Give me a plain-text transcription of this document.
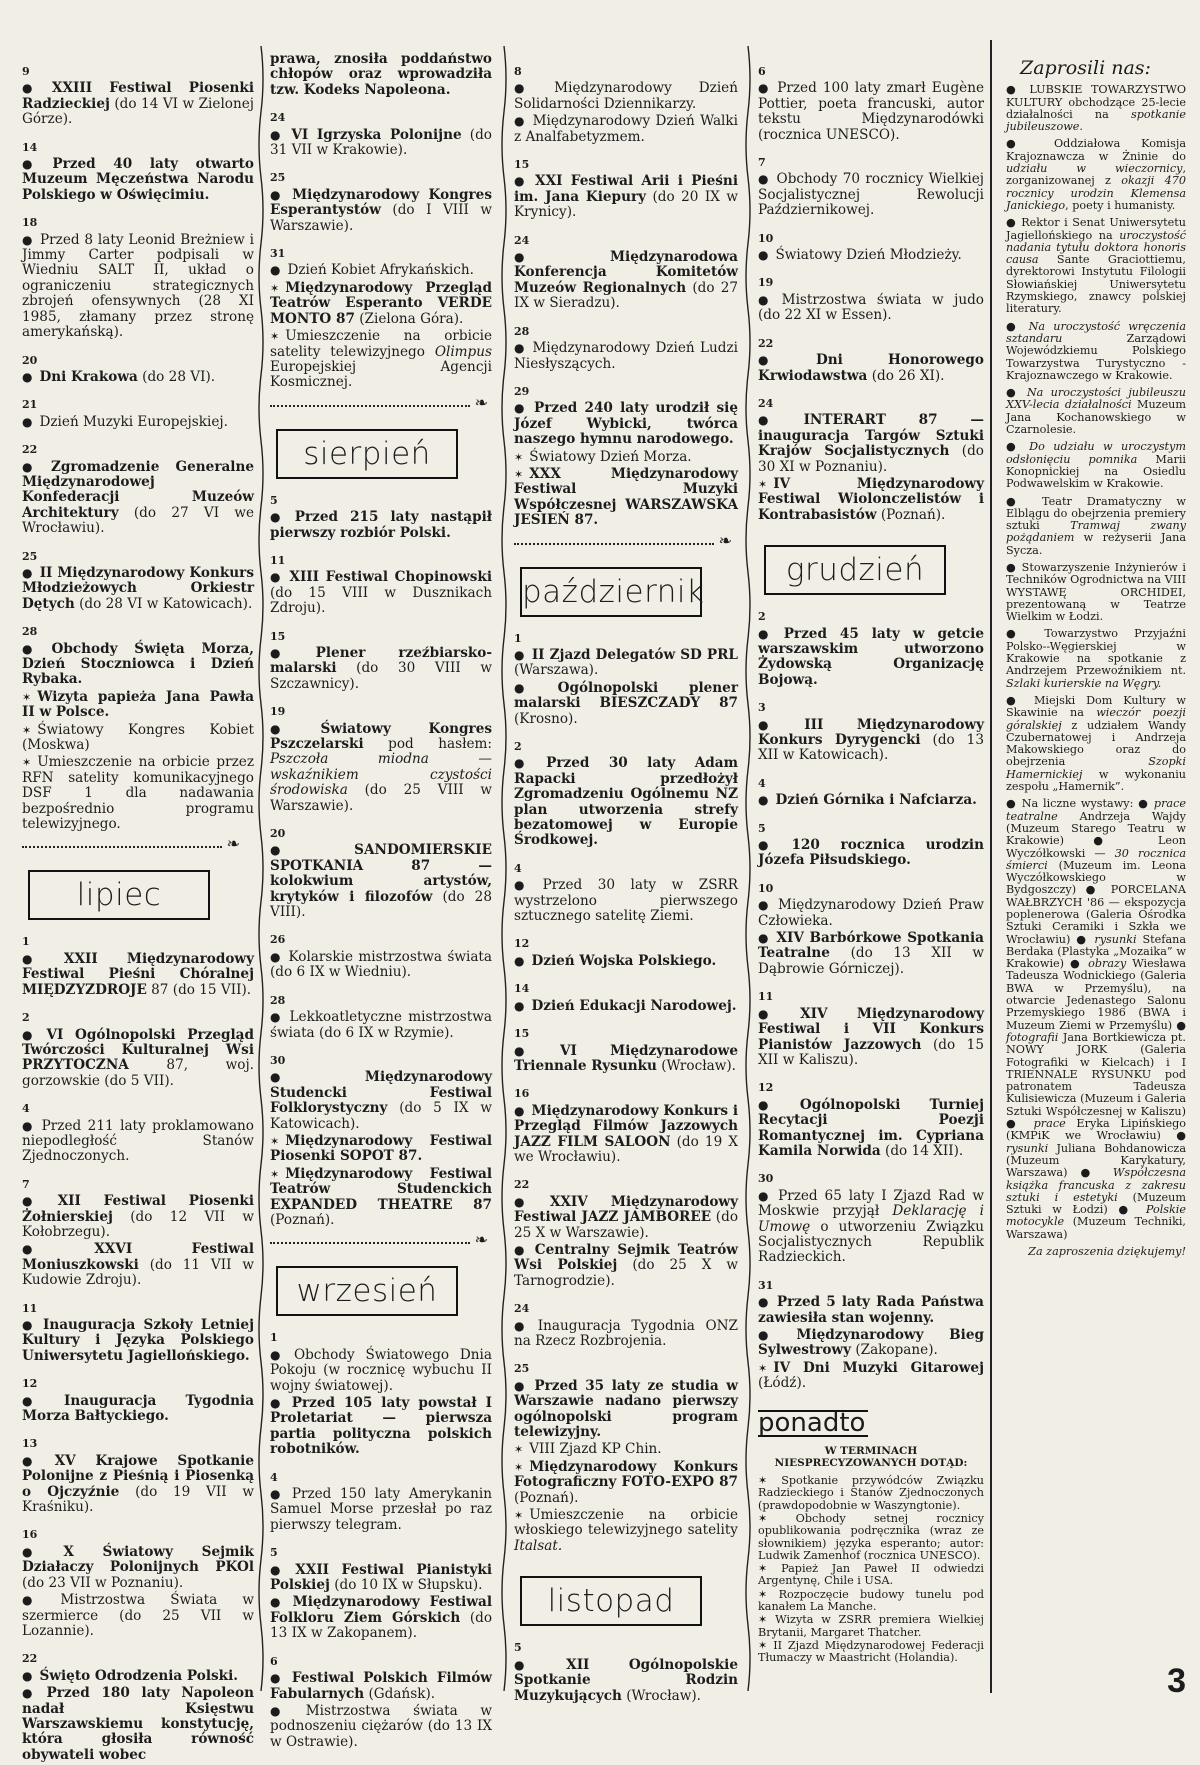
9

● XXIII Festiwal Piosenki Radzieckiej (do 14 VI w Zielonej Górze).

14

● Przed 40 laty otwarto Muzeum Męczeństwa Narodu Polskiego w Oświęcimiu.

18

● Przed 8 laty Leonid Breżniew i Jimmy Carter podpisali w Wiedniu SALT II, układ o ograniczeniu strategicznych zbrojeń ofensywnych (28 XI 1985, złamany przez stronę amerykańską).

20

● Dni Krakowa (do 28 VI).

21

● Dzień Muzyki Europejskiej.

22

● Zgromadzenie Generalne Międzynarodowej Konfederacji Muzeów Architektury (do 27 VI we Wrocławiu).

25

● II Międzynarodowy Konkurs Młodzieżowych Orkiestr Dętych (do 28 VI w Katowicach).

28

● Obchody Święta Morza, Dzień Stoczniowca i Dzień Rybaka.

✶ Wizyta papieża Jana Pawła II w Polsce.

✶ Światowy Kongres Kobiet (Moskwa)

✶ Umieszczenie na orbicie przez RFN satelity komunikacyjnego DSF 1 dla nadawania bezpośrednio programu telewizyjnego.

❧
lipiec
1

● XXII Międzynarodowy Festiwal Pieśni Chóralnej MIĘDZYZDROJE 87 (do 15 VII).

2

● VI Ogólnopolski Przegląd Twórczości Kulturalnej Wsi PRZYTOCZNA 87, woj. gorzowskie (do 5 VII).

4

● Przed 211 laty proklamowano niepodległość Stanów Zjednoczonych.

7

● XII Festiwal Piosenki Żołnierskiej (do 12 VII w Kołobrzegu).

● XXVI Festiwal Moniuszkowski (do 11 VII w Kudowie Zdroju).

11

● Inauguracja Szkoły Letniej Kultury i Języka Polskiego Uniwersytetu Jagiellońskiego.

12

● Inauguracja Tygodnia Morza Bałtyckiego.

13

● XV Krajowe Spotkanie Polonijne z Pieśnią i Piosenką o Ojczyźnie (do 19 VII w Kraśniku).

16

● X Światowy Sejmik Działaczy Polonijnych PKOl (do 23 VII w Poznaniu).

● Mistrzostwa Świata w szermierce (do 25 VII w Lozannie).

22

● Święto Odrodzenia Polski.

● Przed 180 laty Napoleon nadał Księstwu Warszawskiemu konstytucję, która głosiła równość obywateli wobec

prawa, znosiła poddaństwo chłopów oraz wprowadziła tzw. Kodeks Napoleona.

24

● VI Igrzyska Polonijne (do 31 VII w Krakowie).

25

● Międzynarodowy Kongres Esperantystów (do I VIII w Warszawie).

31

● Dzień Kobiet Afrykańskich.

✶ Międzynarodowy Przegląd Teatrów Esperanto VERDE MONTO 87 (Zielona Góra).

✶ Umieszczenie na orbicie satelity telewizyjnego Olimpus Europejskiej Agencji Kosmicznej.

❧
sierpień
5

● Przed 215 laty nastąpił pierwszy rozbiór Polski.

11

● XIII Festiwal Chopinowski (do 15 VIII w Dusznikach Zdroju).

15

● Plener rzeźbiarsko-malarski (do 30 VIII w Szczawnicy).

19

● Światowy Kongres Pszczelarski pod hasłem: Pszczoła miodna — wskaźnikiem czystości środowiska (do 25 VIII w Warszawie).

20

● SANDOMIERSKIE SPOTKANIA 87 — kolokwium artystów, krytyków i filozofów (do 28 VIII).

26

● Kolarskie mistrzostwa świata (do 6 IX w Wiedniu).

28

● Lekkoatletyczne mistrzostwa świata (do 6 IX w Rzymie).

30

● Międzynarodowy Studencki Festiwal Folklorystyczny (do 5 IX w Katowicach).

✶ Międzynarodowy Festiwal Piosenki SOPOT 87.

✶ Międzynarodowy Festiwal Teatrów Studenckich EXPANDED THEATRE 87 (Poznań).

❧
wrzesień
1

● Obchody Światowego Dnia Pokoju (w rocznicę wybuchu II wojny światowej).

● Przed 105 laty powstał I Proletariat — pierwsza partia polityczna polskich robotników.

4

● Przed 150 laty Amerykanin Samuel Morse przesłał po raz pierwszy telegram.

5

● XXII Festiwal Pianistyki Polskiej (do 10 IX w Słupsku).

● Międzynarodowy Festiwal Folkloru Ziem Górskich (do 13 IX w Zakopanem).

6

● Festiwal Polskich Filmów Fabularnych (Gdańsk).

● Mistrzostwa świata w podnoszeniu ciężarów (do 13 IX w Ostrawie).

8

● Międzynarodowy Dzień Solidarności Dziennikarzy.

● Międzynarodowy Dzień Walki z Analfabetyzmem.

15

● XXI Festiwal Arii i Pieśni im. Jana Kiepury (do 20 IX w Krynicy).

24

● Międzynarodowa Konferencja Komitetów Muzeów Regionalnych (do 27 IX w Sieradzu).

28

● Międzynarodowy Dzień Ludzi Niesłyszących.

29

● Przed 240 laty urodził się Józef Wybicki, twórca naszego hymnu narodowego.

✶ Światowy Dzień Morza.

✶ XXX Międzynarodowy Festiwal Muzyki Współczesnej WARSZAWSKA JESIEŃ 87.

❧
październik
1

● II Zjazd Delegatów SD PRL (Warszawa).

● Ogólnopolski plener malarski BIESZCZADY 87 (Krosno).

2

● Przed 30 laty Adam Rapacki przedłożył Zgromadzeniu Ogólnemu NZ plan utworzenia strefy bezatomowej w Europie Środkowej.

4

● Przed 30 laty w ZSRR wystrzelono pierwszego sztucznego satelitę Ziemi.

12

● Dzień Wojska Polskiego.

14

● Dzień Edukacji Narodowej.

15

● VI Międzynarodowe Triennale Rysunku (Wrocław).

16

● Międzynarodowy Konkurs i Przegląd Filmów Jazzowych JAZZ FILM SALOON (do 19 X we Wrocławiu).

22

● XXIV Międzynarodowy Festiwal JAZZ JAMBOREE (do 25 X w Warszawie).

● Centralny Sejmik Teatrów Wsi Polskiej (do 25 X w Tarnogrodzie).

24

● Inauguracja Tygodnia ONZ na Rzecz Rozbrojenia.

25

● Przed 35 laty ze studia w Warszawie nadano pierwszy ogólnopolski program telewizyjny.

✶ VIII Zjazd KP Chin.

✶ Międzynarodowy Konkurs Fotograficzny FOTO-EXPO 87 (Poznań).

✶ Umieszczenie na orbicie włoskiego telewizyjnego satelity Italsat.

listopad
5

● XII Ogólnopolskie Spotkanie Rodzin Muzykujących (Wrocław).

6

● Przed 100 laty zmarł Eugène Pottier, poeta francuski, autor tekstu Międzynarodówki (rocznica UNESCO).

7

● Obchody 70 rocznicy Wielkiej Socjalistycznej Rewolucji Październikowej.

10

● Światowy Dzień Młodzieży.

19

● Mistrzostwa świata w judo (do 22 XI w Essen).

22

● Dni Honorowego Krwiodawstwa (do 26 XI).

24

● INTERART 87 — inauguracja Targów Sztuki Krajów Socjalistycznych (do 30 XI w Poznaniu).

✶ IV Międzynarodowy Festiwal Wiolonczelistów i Kontrabasistów (Poznań).

grudzień
2

● Przed 45 laty w getcie warszawskim utworzono Żydowską Organizację Bojową.

3

● III Międzynarodowy Konkurs Dyrygencki (do 13 XII w Katowicach).

4

● Dzień Górnika i Nafciarza.

5

● 120 rocznica urodzin Józefa Piłsudskiego.

10

● Międzynarodowy Dzień Praw Człowieka.

● XIV Barbórkowe Spotkania Teatralne (do 13 XII w Dąbrowie Górniczej).

11

● XIV Międzynarodowy Festiwal i VII Konkurs Pianistów Jazzowych (do 15 XII w Kaliszu).

12

● Ogólnopolski Turniej Recytacji Poezji Romantycznej im. Cypriana Kamila Norwida (do 14 XII).

30

● Przed 65 laty I Zjazd Rad w Moskwie przyjął Deklarację i Umowę o utworzeniu Związku Socjalistycznych Republik Radzieckich.

31

● Przed 5 laty Rada Państwa zawiesiła stan wojenny.

● Międzynarodowy Bieg Sylwestrowy (Zakopane).

✶ IV Dni Muzyki Gitarowej (Łódź).

ponadto
W TERMINACH NIESPRECYZOWANYCH DOTĄD:

✶ Spotkanie przywódców Związku Radzieckiego i Stanów Zjednoczonych (prawdopodobnie w Waszyngtonie).

✶ Obchody setnej rocznicy opublikowania podręcznika (wraz ze słownikiem) języka esperanto; autor: Ludwik Zamenhof (rocznica UNESCO).

✶ Papież Jan Paweł II odwiedzi Argentynę, Chile i USA.

✶ Rozpoczęcie budowy tunelu pod kanałem La Manche.

✶ Wizyta w ZSRR premiera Wielkiej Brytanii, Margaret Thatcher.

✶ II Zjazd Międzynarodowej Federacji Tłumaczy w Maastricht (Holandia).

Zaprosili nas:

● LUBSKIE TOWARZYSTWO KULTURY obchodzące 25-lecie działalności na spotkanie jubileuszowe.

● Oddziałowa Komisja Krajoznawcza w Żninie do udziału w wieczornicy, zorganizowanej z okazji 470 rocznicy urodzin Klemensa Janickiego, poety i humanisty.

● Rektor i Senat Uniwersytetu Jagiellońskiego na uroczystość nadania tytułu doktora honoris causa Sante Graciottiemu, dyrektorowi Instytutu Filologii Słowiańskiej Uniwersytetu Rzymskiego, znawcy polskiej literatury.

● Na uroczystość wręczenia sztandaru Zarządowi Wojewódzkiemu Polskiego Towarzystwa Turystyczno - Krajoznawczego w Krakowie.

● Na uroczystości jubileuszu XXV-lecia działalności Muzeum Jana Kochanowskiego w Czarnolesie.

● Do udziału w uroczystym odsłonięciu pomnika Marii Konopnickiej na Osiedlu Podwawelskim w Krakowie.

● Teatr Dramatyczny w Elblągu do obejrzenia premiery sztuki Tramwaj zwany pożądaniem w reżyserii Jana Sycza.

● Stowarzyszenie Inżynierów i Techników Ogrodnictwa na VIII WYSTAWĘ ORCHIDEI, prezentowaną w Teatrze Wielkim w Łodzi.

● Towarzystwo Przyjaźni Polsko--Węgierskiej w Krakowie na spotkanie z Andrzejem Przewoźnikiem nt. Szlaki kurierskie na Węgry.

● Miejski Dom Kultury w Skawinie na wieczór poezji góralskiej z udziałem Wandy Czubernatowej i Andrzeja Makowskiego oraz do obejrzenia Szopki Hamernickiej w wykonaniu zespołu „Hamernik”.

● Na liczne wystawy: ● prace teatralne Andrzeja Wajdy (Muzeum Starego Teatru w Krakowie) ● Leon Wyczółkowski — 30 rocznica śmierci (Muzeum im. Leona Wyczółkowskiego w Bydgoszczy) ● PORCELANA WAŁBRZYCH '86 — ekspozycja poplenerowa (Galeria Ośrodka Sztuki Ceramiki i Szkła we Wrocławiu) ● rysunki Stefana Berdaka (Plastyka „Mozaika” w Krakowie) ● obrazy Wiesława Tadeusza Wodnickiego (Galeria BWA w Przemyślu), na otwarcie Jedenastego Salonu Przemyskiego 1986 (BWA i Muzeum Ziemi w Przemyślu) ● fotografii Jana Bortkiewicza pt. NOWY JORK (Galeria Fotografiki w Kielcach) i I TRIENNALE RYSUNKU pod patronatem Tadeusza Kulisiewicza (Muzeum i Galeria Sztuki Współczesnej w Kaliszu) ● prace Eryka Lipińskiego (KMPiK we Wrocławiu) ● rysunki Juliana Bohdanowicza (Muzeum Karykatury, Warszawa) ● Współczesna książka francuska z zakresu sztuki i estetyki (Muzeum Sztuki w Łodzi) ● Polskie motocykle (Muzeum Techniki, Warszawa)

Za zaproszenia dziękujemy!

3
